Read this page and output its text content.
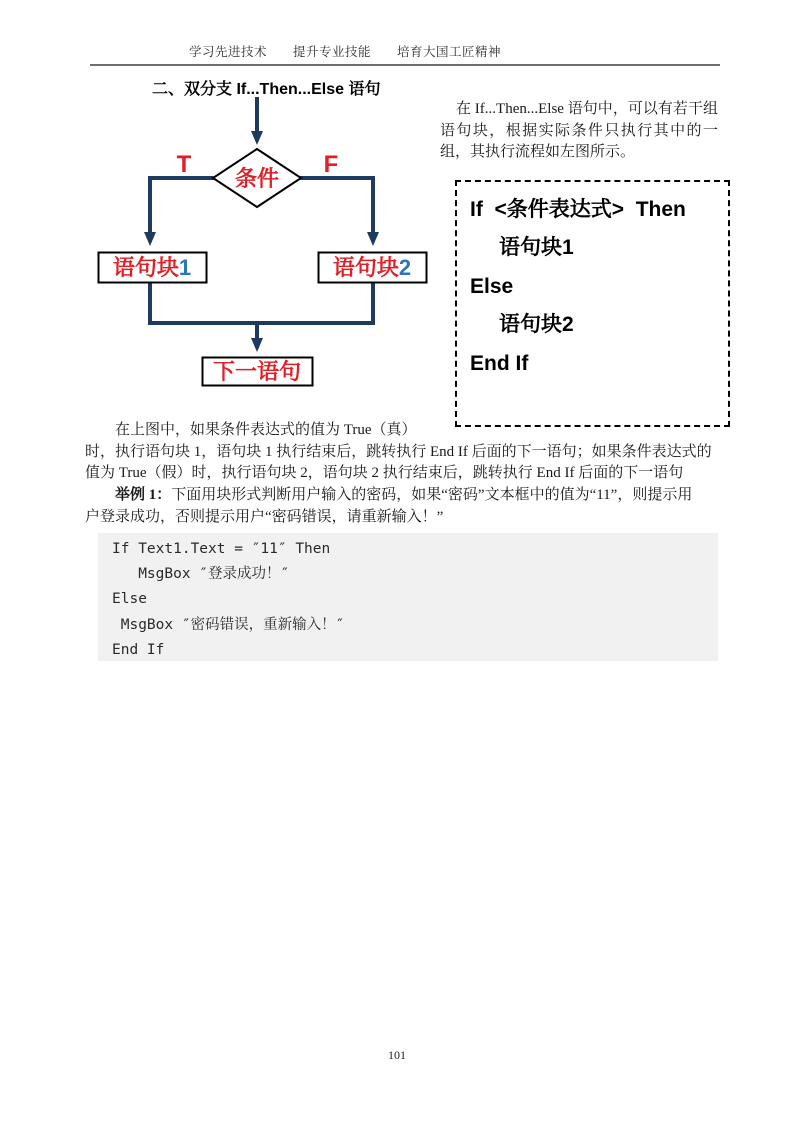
学习先进技术　　提升专业技能　　培育大国工匠精神
二、双分支 If...Then...Else 语句
条件
T	F
语句块1	语句块2
下一语句
在 If...Then...Else 语句中，可以有若干组语句块，根据实际条件只执行其中的一组，其执行流程如左图所示。
If  <条件表达式>  Then
语句块1
Else
语句块2
End If
在上图中，如果条件表达式的值为 True（真）
时，执行语句块 1，语句块 1 执行结束后，跳转执行 End If 后面的下一语句；如果条件表达式的
值为 True（假）时，执行语句块 2，语句块 2 执行结束后，跳转执行 End If 后面的下一语句
举例 1：下面用块形式判断用户输入的密码，如果“密码”文本框中的值为“11”，则提示用
户登录成功，否则提示用户“密码错误，请重新输入！”
If Text1.Text = ″11″ Then
MsgBox ″登录成功！″
Else
MsgBox ″密码错误，重新输入！″
End If
101
